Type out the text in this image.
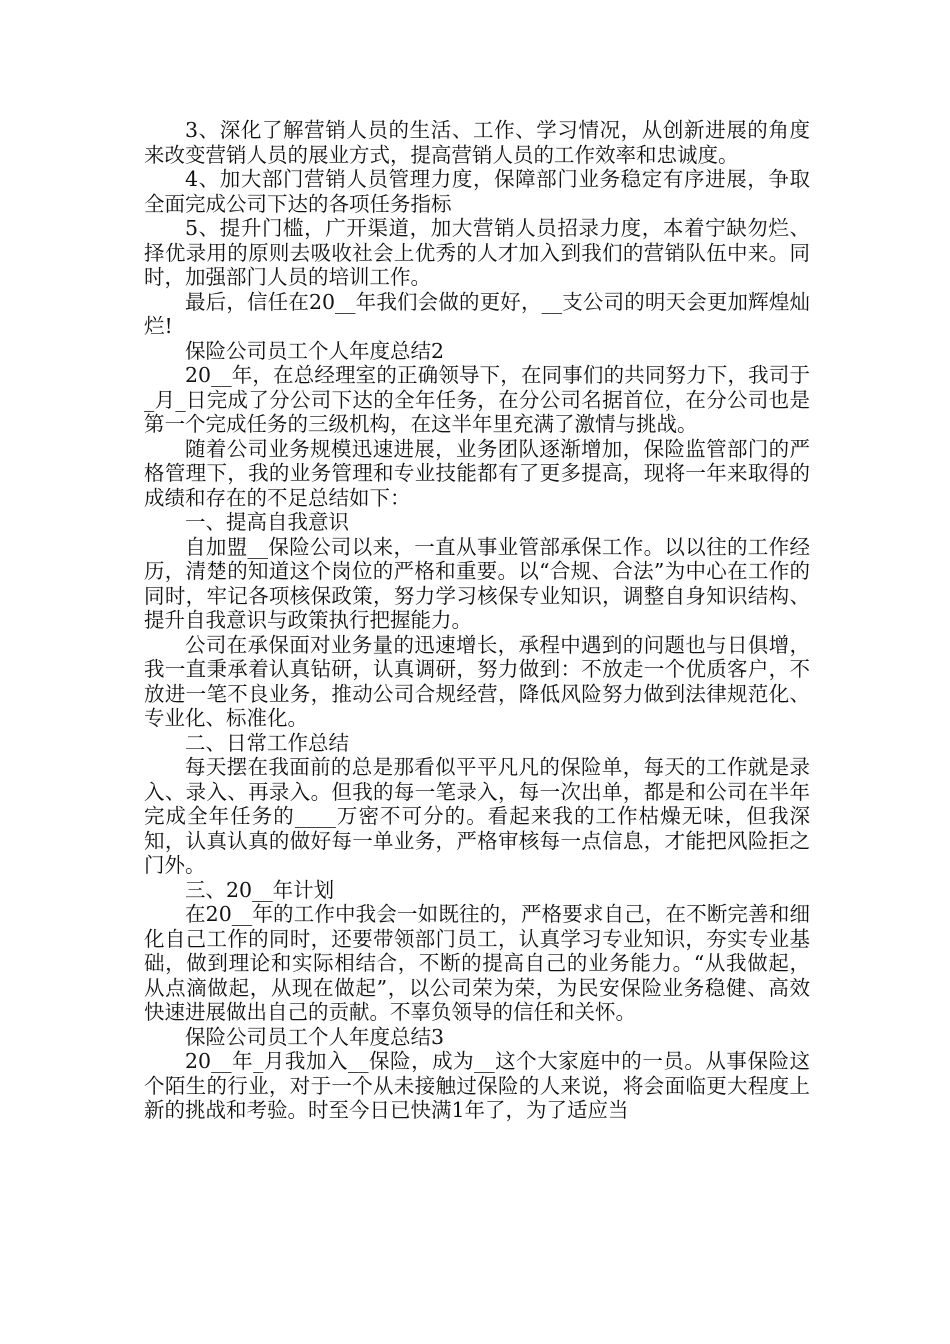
3、深化了解营销人员的生活、工作、学习情况，从创新进展的角度来改变营销人员的展业方式，提高营销人员的工作效率和忠诚度。

4、加大部门营销人员管理力度，保障部门业务稳定有序进展，争取全面完成公司下达的各项任务指标

5、提升门槛，广开渠道，加大营销人员招录力度，本着宁缺勿烂、择优录用的原则去吸收社会上优秀的人才加入到我们的营销队伍中来。同时，加强部门人员的培训工作。

最后，信任在20__年我们会做的更好，__支公司的明天会更加辉煌灿烂!

保险公司员工个人年度总结2

20__年，在总经理室的正确领导下，在同事们的共同努力下，我司于_月_日完成了分公司下达的全年任务，在分公司名据首位，在分公司也是第一个完成任务的三级机构，在这半年里充满了激情与挑战。

随着公司业务规模迅速进展，业务团队逐渐增加，保险监管部门的严格管理下，我的业务管理和专业技能都有了更多提高，现将一年来取得的成绩和存在的不足总结如下：

一、提高自我意识

自加盟__保险公司以来，一直从事业管部承保工作。以以往的工作经历，清楚的知道这个岗位的严格和重要。以“合规、合法”为中心在工作的同时，牢记各项核保政策，努力学习核保专业知识，调整自身知识结构、提升自我意识与政策执行把握能力。

公司在承保面对业务量的迅速增长，承程中遇到的问题也与日俱增，我一直秉承着认真钻研，认真调研，努力做到：不放走一个优质客户，不放进一笔不良业务，推动公司合规经营，降低风险努力做到法律规范化、专业化、标准化。

二、日常工作总结

每天摆在我面前的总是那看似平平凡凡的保险单，每天的工作就是录入、录入、再录入。但我的每一笔录入，每一次出单，都是和公司在半年完成全年任务的____万密不可分的。看起来我的工作枯燥无味，但我深知，认真认真的做好每一单业务，严格审核每一点信息，才能把风险拒之门外。

三、20__年计划

在20__年的工作中我会一如既往的，严格要求自己，在不断完善和细化自己工作的同时，还要带领部门员工，认真学习专业知识，夯实专业基础，做到理论和实际相结合，不断的提高自己的业务能力。“从我做起，从点滴做起，从现在做起”，以公司荣为荣，为民安保险业务稳健、高效快速进展做出自己的贡献。不辜负领导的信任和关怀。

保险公司员工个人年度总结3

20__年_月我加入__保险，成为__这个大家庭中的一员。从事保险这个陌生的行业，对于一个从未接触过保险的人来说，将会面临更大程度上新的挑战和考验。时至今日已快满1年了，为了适应当
